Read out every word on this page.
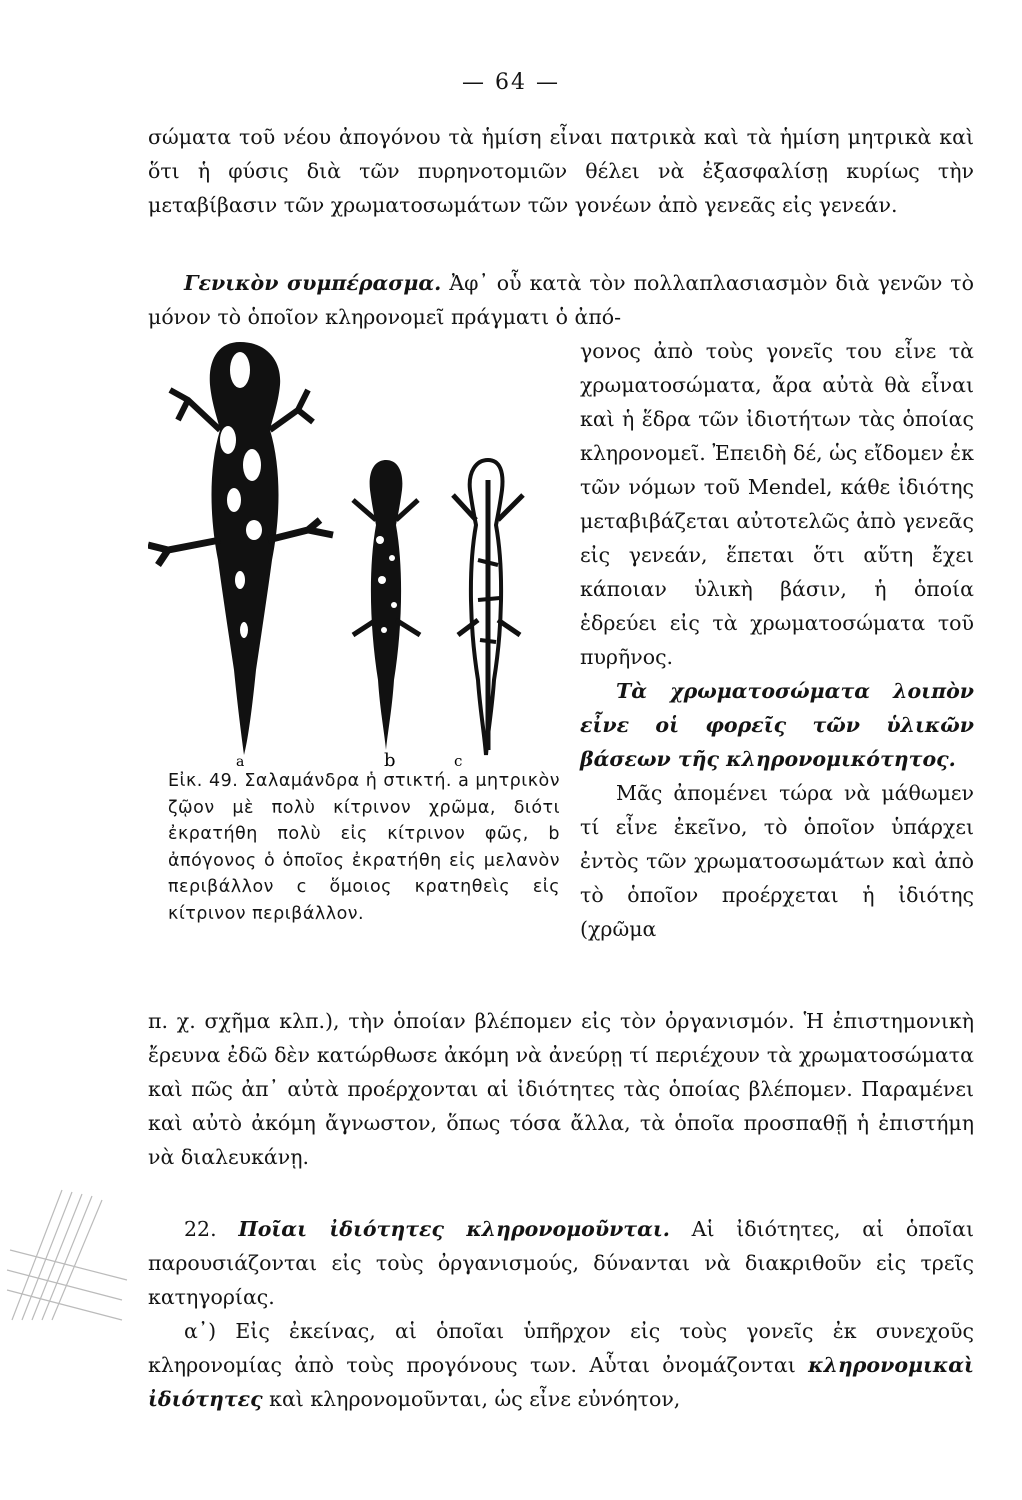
— 64 —

σώματα τοῦ νέου ἀπογόνου τὰ ἡμίση εἶναι πατρικὰ καὶ τὰ ἡμίση μητρικὰ καὶ ὅτι ἡ φύσις διὰ τῶν πυρηνοτομιῶν θέλει νὰ ἐξασφαλίσῃ κυρίως τὴν μεταβίβασιν τῶν χρωματοσωμάτων τῶν γονέων ἀπὸ γενεᾶς εἰς γενεάν.

Γενικὸν συμπέρασμα. Ἀφ᾽ οὗ κατὰ τὸν πολλαπλασιασμὸν διὰ γενῶν τὸ μόνον τὸ ὁποῖον κληρονομεῖ πράγματι ὁ ἀπό-

a	b	c
Εἰκ. 49. Σαλαμάνδρα ἡ στικτή. a μητρικὸν ζῷον μὲ πολὺ κίτρινον χρῶμα, διότι ἐκρατήθη πολὺ εἰς κίτρινον φῶς, b ἀπόγονος ὁ ὁποῖος ἐκρατήθη εἰς μελανὸν περιβάλλον c ὅμοιος κρατηθεὶς εἰς κίτρινον περιβάλλον.

γονος ἀπὸ τοὺς γονεῖς του εἶνε τὰ χρωματοσώματα, ἄρα αὐτὰ θὰ εἶναι καὶ ἡ ἕδρα τῶν ἰδιοτήτων τὰς ὁποίας κληρονομεῖ. Ἐπειδὴ δέ, ὡς εἴδομεν ἐκ τῶν νόμων τοῦ Mendel, κάθε ἰδιότης μεταβιβάζεται αὐτοτελῶς ἀπὸ γενεᾶς εἰς γενεάν, ἕπεται ὅτι αὕτη ἔχει κάποιαν ὑλικὴ βάσιν, ἡ ὁποία ἑδρεύει εἰς τὰ χρωματοσώματα τοῦ πυρῆνος.

Τὰ χρωματοσώματα λοιπὸν εἶνε οἱ φορεῖς τῶν ὑλικῶν βάσεων τῆς κληρονομικότητος.

Μᾶς ἀπομένει τώρα νὰ μάθωμεν τί εἶνε ἐκεῖνο, τὸ ὁποῖον ὑπάρχει ἐντὸς τῶν χρωματοσωμάτων καὶ ἀπὸ τὸ ὁποῖον προέρχεται ἡ ἰδιότης (χρῶμα

π. χ. σχῆμα κλπ.), τὴν ὁποίαν βλέπομεν εἰς τὸν ὀργανισμόν. Ἡ ἐπιστημονικὴ ἔρευνα ἐδῶ δὲν κατώρθωσε ἀκόμη νὰ ἀνεύρῃ τί περιέχουν τὰ χρωματοσώματα καὶ πῶς ἀπ᾽ αὐτὰ προέρχονται αἱ ἰδιότητες τὰς ὁποίας βλέπομεν. Παραμένει καὶ αὐτὸ ἀκόμη ἄγνωστον, ὅπως τόσα ἄλλα, τὰ ὁποῖα προσπαθῇ ἡ ἐπιστήμη νὰ διαλευκάνῃ.

22. Ποῖαι ἰδιότητες κληρονομοῦνται. Αἱ ἰδιότητες, αἱ ὁποῖαι παρουσιάζονται εἰς τοὺς ὀργανισμούς, δύνανται νὰ διακριθοῦν εἰς τρεῖς κατηγορίας.

α᾽) Εἰς ἐκείνας, αἱ ὁποῖαι ὑπῆρχον εἰς τοὺς γονεῖς ἐκ συνεχοῦς κληρονομίας ἀπὸ τοὺς προγόνους των. Αὗται ὀνομάζονται κληρονομικαὶ ἰδιότητες καὶ κληρονομοῦνται, ὡς εἶνε εὐνόητον,
